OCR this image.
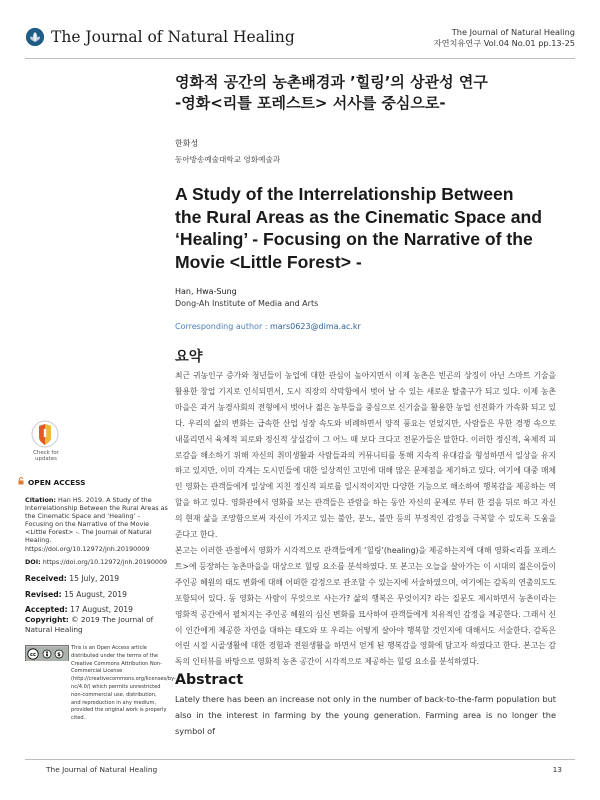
The Journal of Natural Healing	The Journal of Natural Healing
자연치유연구 Vol.04 No.01 pp.13-25
영화적 공간의 농촌배경과 ’힐링’의 상관성 연구
-영화<리틀 포레스트> 서사를 중심으로-
한화성
동아방송예술대학교 영화예술과
A Study of the Interrelationship Between
the Rural Areas as the Cinematic Space and
‘Healing’ - Focusing on the Narrative of the
Movie <Little Forest> -
Han, Hwa-Sung
Dong-Ah Institute of Media and Arts
Corresponding author : mars0623@dima.ac.kr
요약

최근 귀농인구 증가와 청년들이 농업에 대한 관심이 높아지면서 이제 농촌은 빈곤의 상징이 아닌 스마트 기술을 활용한 창업 기지로 인식되면서, 도시 직장의 삭막함에서 벗어 날 수 있는 새로운 탈출구가 되고 있다. 이제 농촌마을은 과거 농경사회의 전형에서 벗어나 젊은 농부들을 중심으로 신기술을 활용한 농업 선진화가 가속화 되고 있다. 우리의 삶의 변화는 급속한 산업 성장 속도와 비례하면서 양적 풍요는 얻었지만, 사람들은 무한 경쟁 속으로 내몰리면서 육체적 피로와 정신적 상실감이 그 어느 때 보다 크다고 전문가들은 말한다. 이러한 정신적, 육체적 피로감을 해소하기 위해 자신의 취미생활과 사람들과의 커뮤니티를 통해 지속적 유대감을 형성하면서 일상을 유지하고 있지만, 이미 각계는 도시민들에 대한 일상적인 고민에 대해 많은 문제점을 제기하고 있다. 여기에 대중 매체인 영화는 관객들에게 일상에 지친 정신적 피로를 일시적이지만 다양한 기능으로 해소하여 행복감을 제공하는 역할을 하고 있다. 영화관에서 영화를 보는 관객들은 관람을 하는 동안 자신의 문제로 부터 한 걸음 뒤로 하고 자신의 현재 삶을 조망함으로써 자신이 가지고 있는 불안, 분노, 불만 등의 부정적인 감정을 극복할 수 있도록 도움을 준다고 한다.

본고는 이러한 관점에서 영화가 시각적으로 관객들에게 ‘힐링’(healing)을 제공하는지에 대해 영화<리틀 포레스트>에 등장하는 농촌마을을 대상으로 힐링 요소를 분석하였다. 또 본고는 오늘을 살아가는 이 시대의 젊은이들이 주인공 혜원의 태도 변화에 대해 어떠한 감정으로 관조할 수 있는지에 서술하였으며, 여기에는 감독의 연출의도도 포함되어 있다. 동 영화는 사람이 무엇으로 사는가? 삶의 행복은 무엇이지? 라는 질문도 제시하면서 농촌이라는 영화적 공간에서 펼쳐지는 주인공 혜원의 심신 변화를 묘사하여 관객들에게 치유적인 감정을 제공한다. 그래서 신이 인간에게 제공한 자연을 대하는 태도와 또 우리는 어떻게 살아야 행복할 것인지에 대해서도 서술한다. 감독은 어린 시절 시골생활에 대한 경험과 전원생활을 하면서 얻게 된 행복감을 영화에 담고자 하였다고 한다. 본고는 감독의 인터뷰를 바탕으로 영화적 농촌 공간이 시각적으로 제공하는 힐링 요소를 분석하였다.

Abstract
Lately there has been an increase not only in the number of back-to-the-farm population but also in the interest in farming by the young generation. Farming area is no longer the symbol of
Check for updates
OPEN ACCESS
Citation: Han HS. 2019. A Study of the Interrelationship Between the Rural Areas as the Cinematic Space and ‘Healing’ - Focusing on the Narrative of the Movie <Little Forest> -. The Journal of Natural Healing. https://doi.org/10.12972/jnh.20190009
DOI: https://doi.org/10.12972/jnh.20190009
Received: 15 July, 2019
Revised: 15 August, 2019
Accepted: 17 August, 2019
Copyright: © 2019 The Journal of Natural Healing
cc	$
This is an Open Access article distributed under the terms of the Creative Commons Attribution Non-Commercial License (http://creativecommons.org/licenses/by-nc/4.0/) which permits unrestricted non-commercial use, distribution, and reproduction in any medium, provided the original work is properly cited.
The Journal of Natural Healing	13
